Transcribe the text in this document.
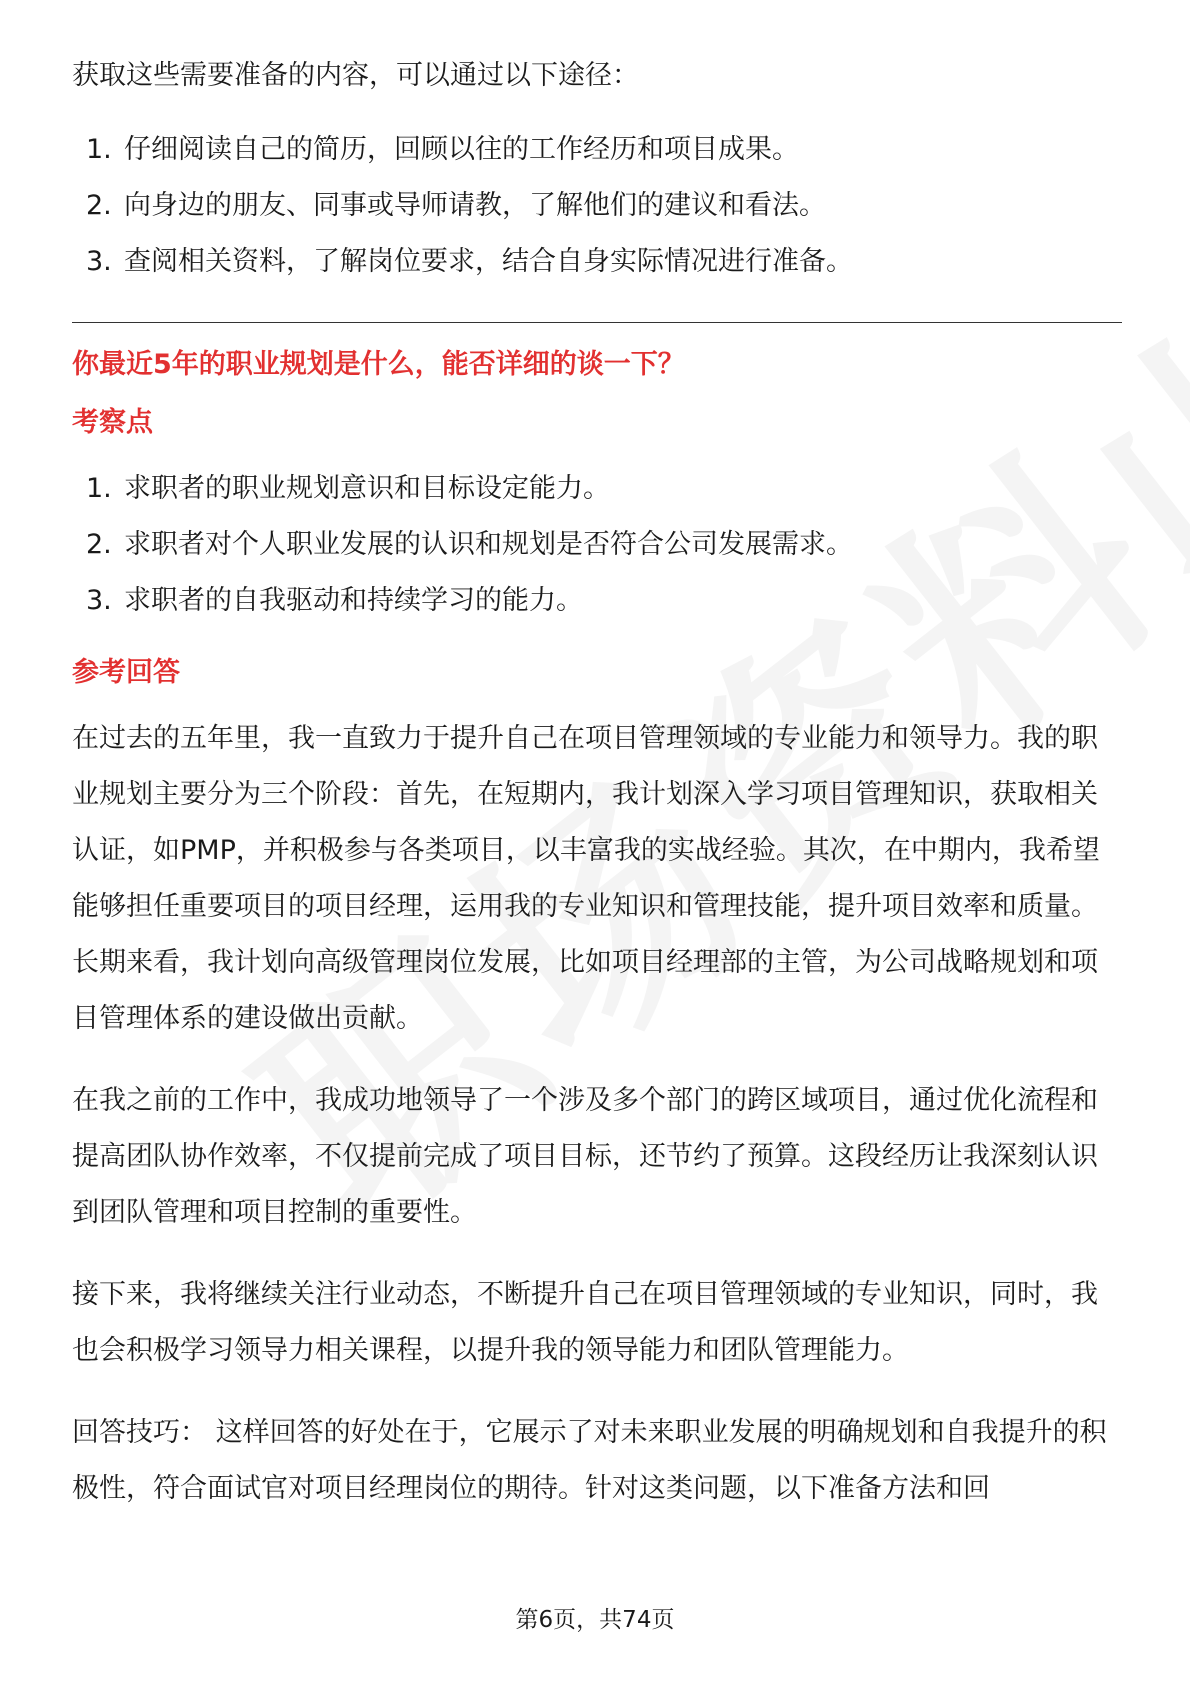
获取这些需要准备的内容，可以通过以下途径：

1. 仔细阅读自己的简历，回顾以往的工作经历和项目成果。
2. 向身边的朋友、同事或导师请教，了解他们的建议和看法。
3. 查阅相关资料，了解岗位要求，结合自身实际情况进行准备。
你最近5年的职业规划是什么，能否详细的谈一下？
考察点
1. 求职者的职业规划意识和目标设定能力。
2. 求职者对个人职业发展的认识和规划是否符合公司发展需求。
3. 求职者的自我驱动和持续学习的能力。
参考回答

在过去的五年里，我一直致力于提升自己在项目管理领域的专业能力和领导力。我的职业规划主要分为三个阶段：首先，在短期内，我计划深入学习项目管理知识，获取相关认证，如PMP，并积极参与各类项目，以丰富我的实战经验。其次，在中期内，我希望能够担任重要项目的项目经理，运用我的专业知识和管理技能，提升项目效率和质量。长期来看，我计划向高级管理岗位发展，比如项目经理部的主管，为公司战略规划和项目管理体系的建设做出贡献。

在我之前的工作中，我成功地领导了一个涉及多个部门的跨区域项目，通过优化流程和提高团队协作效率，不仅提前完成了项目目标，还节约了预算。这段经历让我深刻认识到团队管理和项目控制的重要性。

接下来，我将继续关注行业动态，不断提升自己在项目管理领域的专业知识，同时，我也会积极学习领导力相关课程，以提升我的领导能力和团队管理能力。

回答技巧： 这样回答的好处在于，它展示了对未来职业发展的明确规划和自我提升的积极性，符合面试官对项目经理岗位的期待。针对这类问题，以下准备方法和回

第6页，共74页
